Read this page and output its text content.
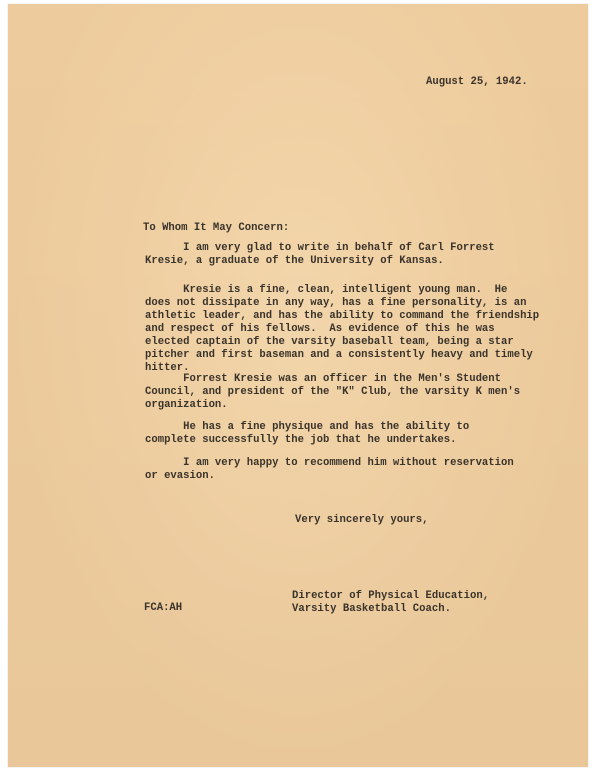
August 25, 1942.

To Whom It May Concern:

I am very glad to write in behalf of Carl Forrest
Kresie, a graduate of the University of Kansas.
Kresie is a fine, clean, intelligent young man.  He
does not dissipate in any way, has a fine personality, is an
athletic leader, and has the ability to command the friendship
and respect of his fellows.  As evidence of this he was
elected captain of the varsity baseball team, being a star
pitcher and first baseman and a consistently heavy and timely
hitter.
Forrest Kresie was an officer in the Men's Student
Council, and president of the "K" Club, the varsity K men's
organization.
He has a fine physique and has the ability to
complete successfully the job that he undertakes.
I am very happy to recommend him without reservation
or evasion.

Very sincerely yours,

Director of Physical Education,

Varsity Basketball Coach.

FCA:AH
